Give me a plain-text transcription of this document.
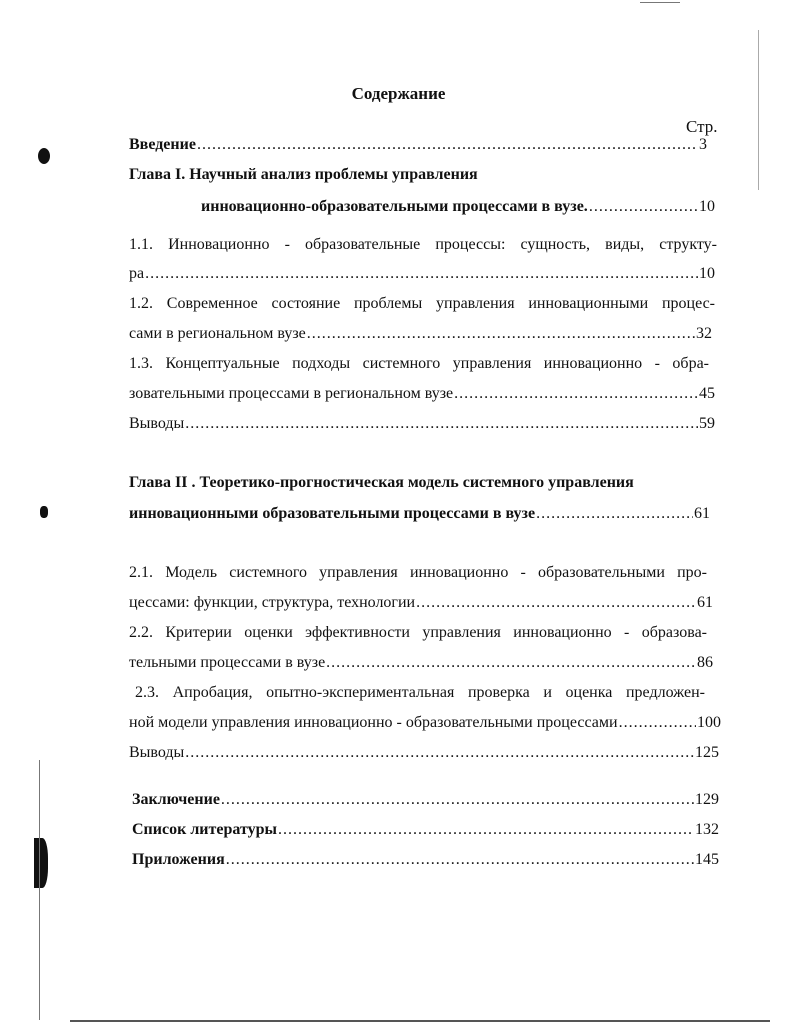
Содержание
Стр.
Введение .....	3
Глава I. Научный анализ проблемы управления
инновационно-образовательными процессами в вузе. .....	10
1.1. Инновационно - образовательные процессы: сущность, виды, структу-
ра .....	10
1.2. Современное состояние проблемы управления инновационными процес-
сами в региональном вузе .....	32
1.3. Концептуальные подходы системного управления инновационно - обра-
зовательными процессами в региональном вузе .....	45
Выводы .....	59
Глава II . Теоретико-прогностическая модель системного управления
инновационными образовательными процессами в вузе .....	61
2.1. Модель системного управления инновационно - образовательными про-
цессами: функции, структура, технологии .....	61
2.2. Критерии оценки эффективности управления инновационно - образова-
тельными процессами в вузе .....	86
2.3. Апробация, опытно-экспериментальная проверка и оценка предложен-
ной модели управления инновационно - образовательными процессами .....	100
Выводы .....	125
Заключение .....	129
Список литературы .....	132
Приложения .....	145
